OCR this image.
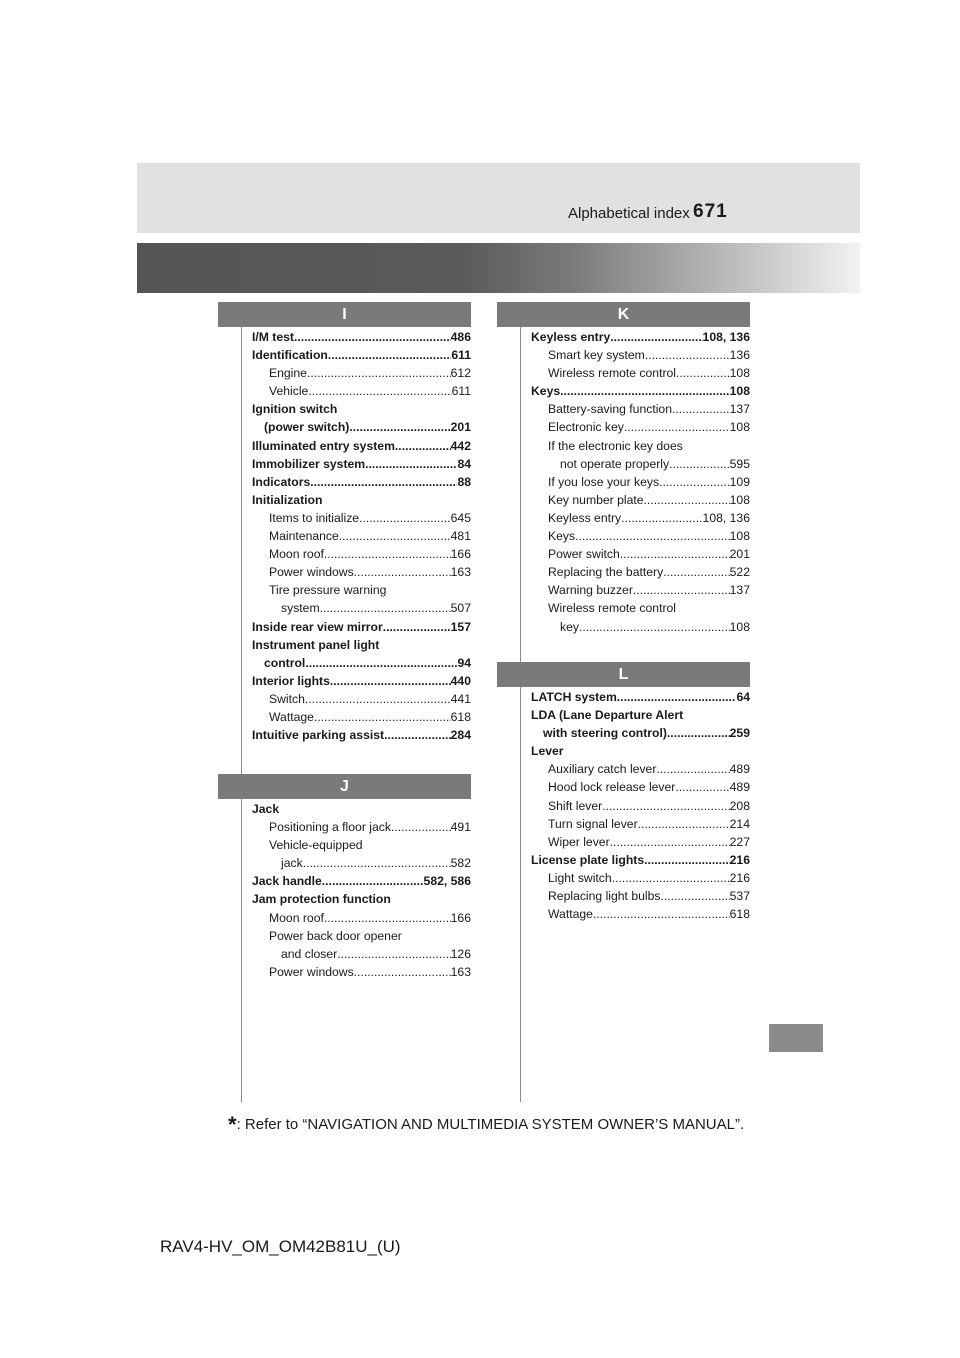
Alphabetical index 671
I
I/M test .....	486
Identification .....	611
Engine .....	612
Vehicle .....	611
Ignition switch
(power switch) .....	201
Illuminated entry system .....	442
Immobilizer system .....	84
Indicators .....	88
Initialization
Items to initialize .....	645
Maintenance .....	481
Moon roof .....	166
Power windows .....	163
Tire pressure warning
system .....	507
Inside rear view mirror .....	157
Instrument panel light
control .....	94
Interior lights .....	440
Switch .....	441
Wattage .....	618
Intuitive parking assist .....	284
J
Jack
Positioning a floor jack .....	491
Vehicle-equipped
jack .....	582
Jack handle .....	582, 586
Jam protection function
Moon roof .....	166
Power back door opener
and closer .....	126
Power windows .....	163
K
Keyless entry .....	108, 136
Smart key system .....	136
Wireless remote control .....	108
Keys .....	108
Battery-saving function .....	137
Electronic key .....	108
If the electronic key does
not operate properly .....	595
If you lose your keys .....	109
Key number plate .....	108
Keyless entry .....	108, 136
Keys .....	108
Power switch .....	201
Replacing the battery .....	522
Warning buzzer .....	137
Wireless remote control
key .....	108
L
LATCH system .....	64
LDA (Lane Departure Alert
with steering control) .....	259
Lever
Auxiliary catch lever .....	489
Hood lock release lever .....	489
Shift lever .....	208
Turn signal lever .....	214
Wiper lever .....	227
License plate lights .....	216
Light switch .....	216
Replacing light bulbs .....	537
Wattage .....	618
*: Refer to “NAVIGATION AND MULTIMEDIA SYSTEM OWNER’S MANUAL”.
RAV4-HV_OM_OM42B81U_(U)
